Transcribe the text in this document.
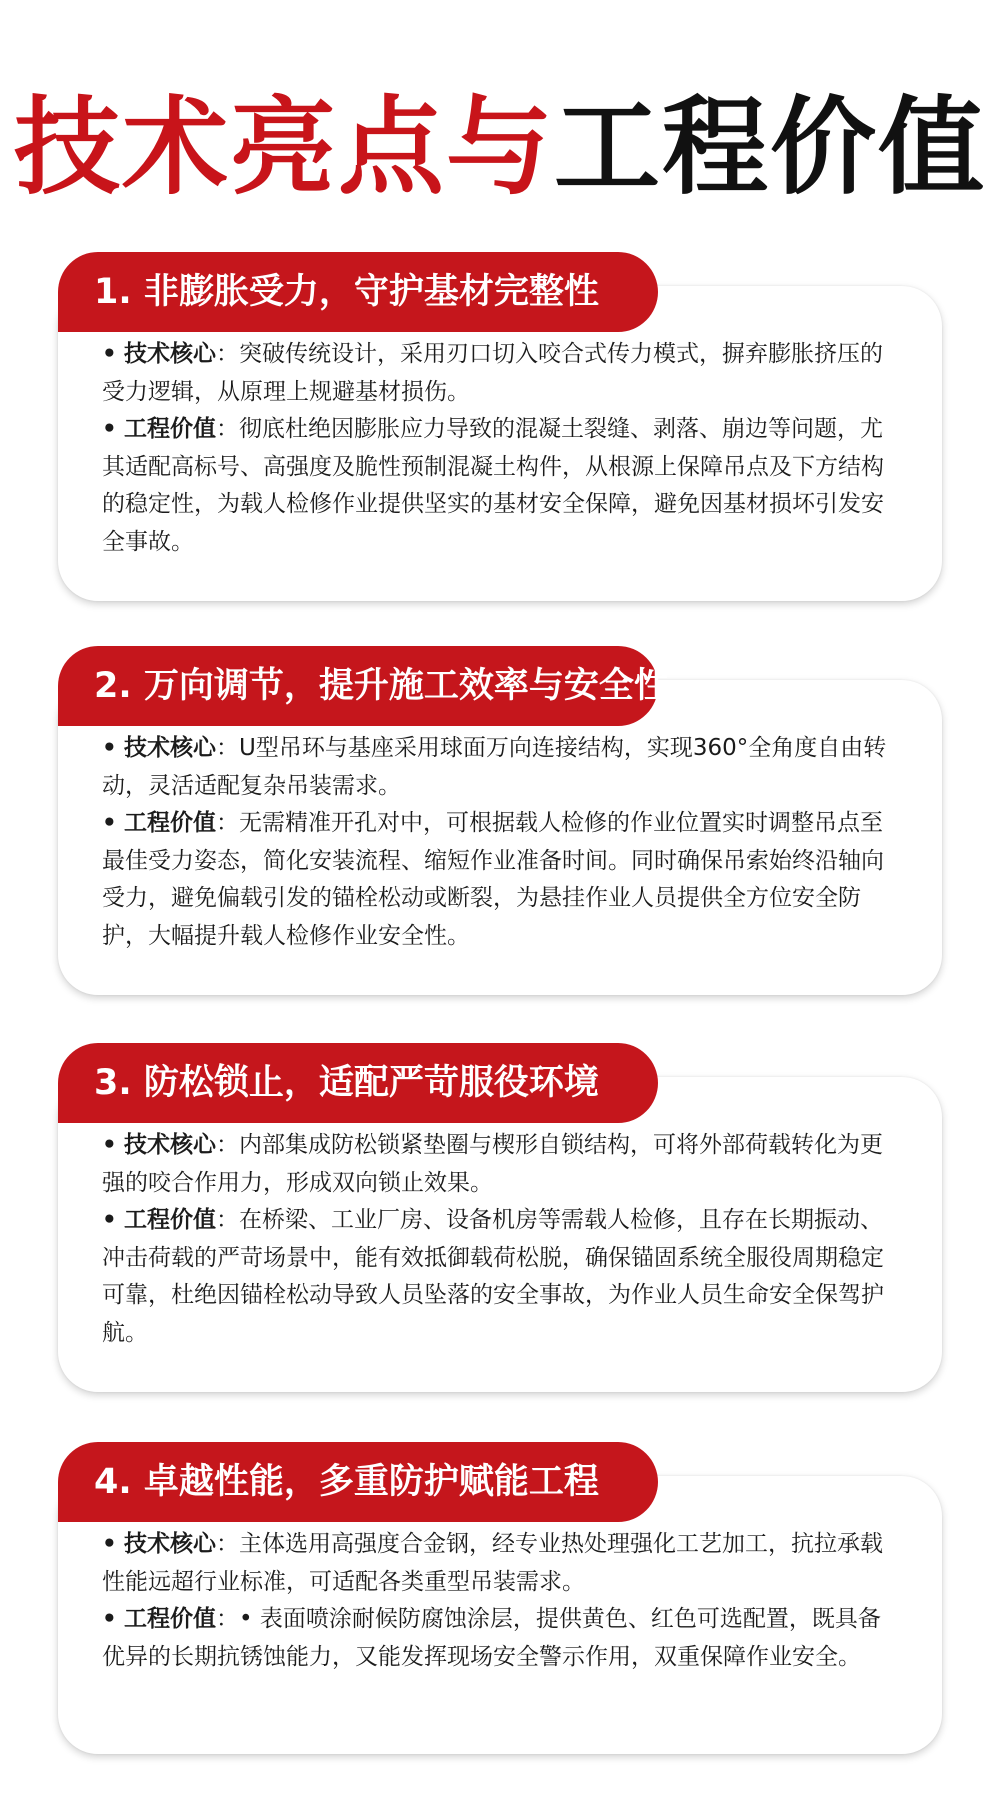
技术亮点与工程价值
1. 非膨胀受力，守护基材完整性

• 技术核心：突破传统设计，采用刃口切入咬合式传力模式，摒弃膨胀挤压的受力逻辑，从原理上规避基材损伤。

• 工程价值：彻底杜绝因膨胀应力导致的混凝土裂缝、剥落、崩边等问题，尤其适配高标号、高强度及脆性预制混凝土构件，从根源上保障吊点及下方结构的稳定性，为载人检修作业提供坚实的基材安全保障，避免因基材损坏引发安全事故。

2. 万向调节，提升施工效率与安全性

• 技术核心：U型吊环与基座采用球面万向连接结构，实现360°全角度自由转动，灵活适配复杂吊装需求。

• 工程价值：无需精准开孔对中，可根据载人检修的作业位置实时调整吊点至最佳受力姿态，简化安装流程、缩短作业准备时间。同时确保吊索始终沿轴向受力，避免偏载引发的锚栓松动或断裂，为悬挂作业人员提供全方位安全防护，大幅提升载人检修作业安全性。

3. 防松锁止，适配严苛服役环境

• 技术核心：内部集成防松锁紧垫圈与楔形自锁结构，可将外部荷载转化为更强的咬合作用力，形成双向锁止效果。

• 工程价值：在桥梁、工业厂房、设备机房等需载人检修，且存在长期振动、冲击荷载的严苛场景中，能有效抵御载荷松脱，确保锚固系统全服役周期稳定可靠，杜绝因锚栓松动导致人员坠落的安全事故，为作业人员生命安全保驾护航。

4. 卓越性能，多重防护赋能工程

• 技术核心：主体选用高强度合金钢，经专业热处理强化工艺加工，抗拉承载性能远超行业标准，可适配各类重型吊装需求。

• 工程价值：• 表面喷涂耐候防腐蚀涂层，提供黄色、红色可选配置，既具备优异的长期抗锈蚀能力，又能发挥现场安全警示作用，双重保障作业安全。
